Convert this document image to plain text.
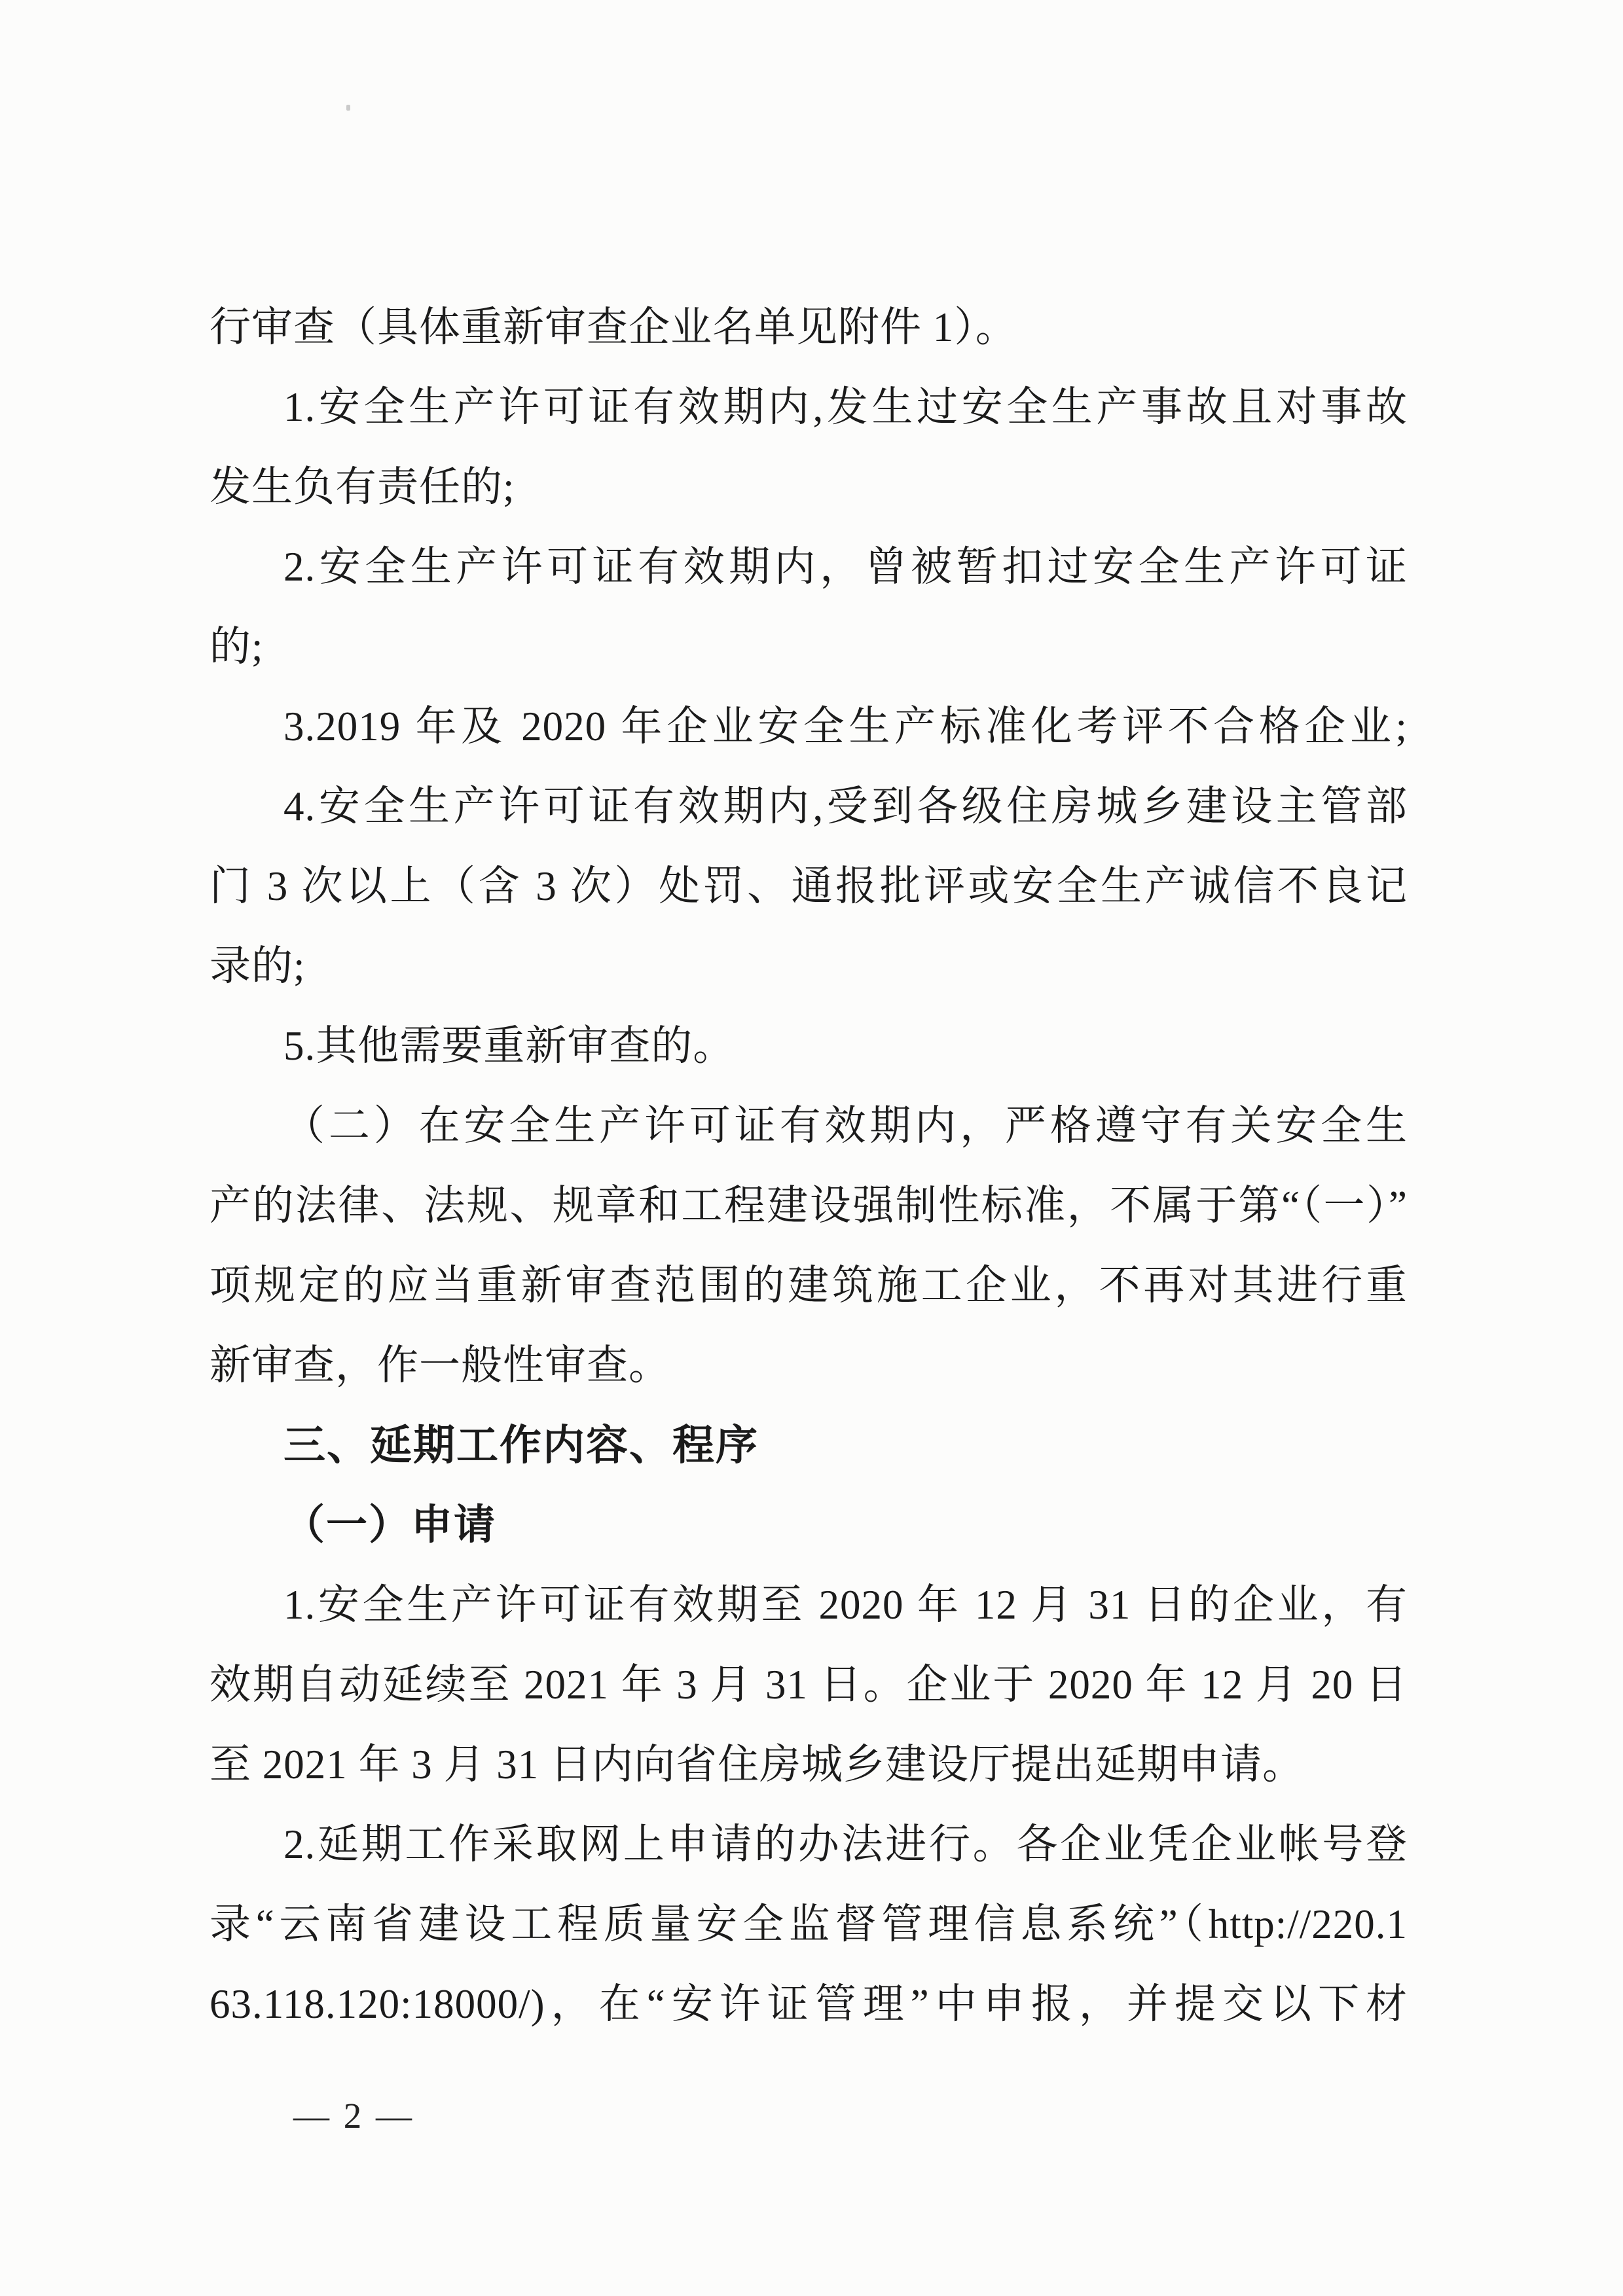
行审查（具体重新审查企业名单见附件 1）。
1.安全生产许可证有效期内,发生过安全生产事故且对事故
发生负有责任的;
2.安全生产许可证有效期内，曾被暂扣过安全生产许可证
的;
3.2019 年及 2020 年企业安全生产标准化考评不合格企业;
4.安全生产许可证有效期内,受到各级住房城乡建设主管部
门 3 次以上（含 3 次）处罚、通报批评或安全生产诚信不良记
录的;
5.其他需要重新审查的。
（二）在安全生产许可证有效期内，严格遵守有关安全生
产的法律、法规、规章和工程建设强制性标准，不属于第“（一）”
项规定的应当重新审查范围的建筑施工企业，不再对其进行重
新审查，作一般性审查。
三、延期工作内容、程序
（一）申请
1.安全生产许可证有效期至 2020 年 12 月 31 日的企业，有
效期自动延续至 2021 年 3 月 31 日。企业于 2020 年 12 月 20 日
至 2021 年 3 月 31 日内向省住房城乡建设厅提出延期申请。
2.延期工作采取网上申请的办法进行。各企业凭企业帐号登
录“云南省建设工程质量安全监督管理信息系统”（http://220.1
63.118.120:18000/)，在“安许证管理”中申报，并提交以下材
— 2 —
